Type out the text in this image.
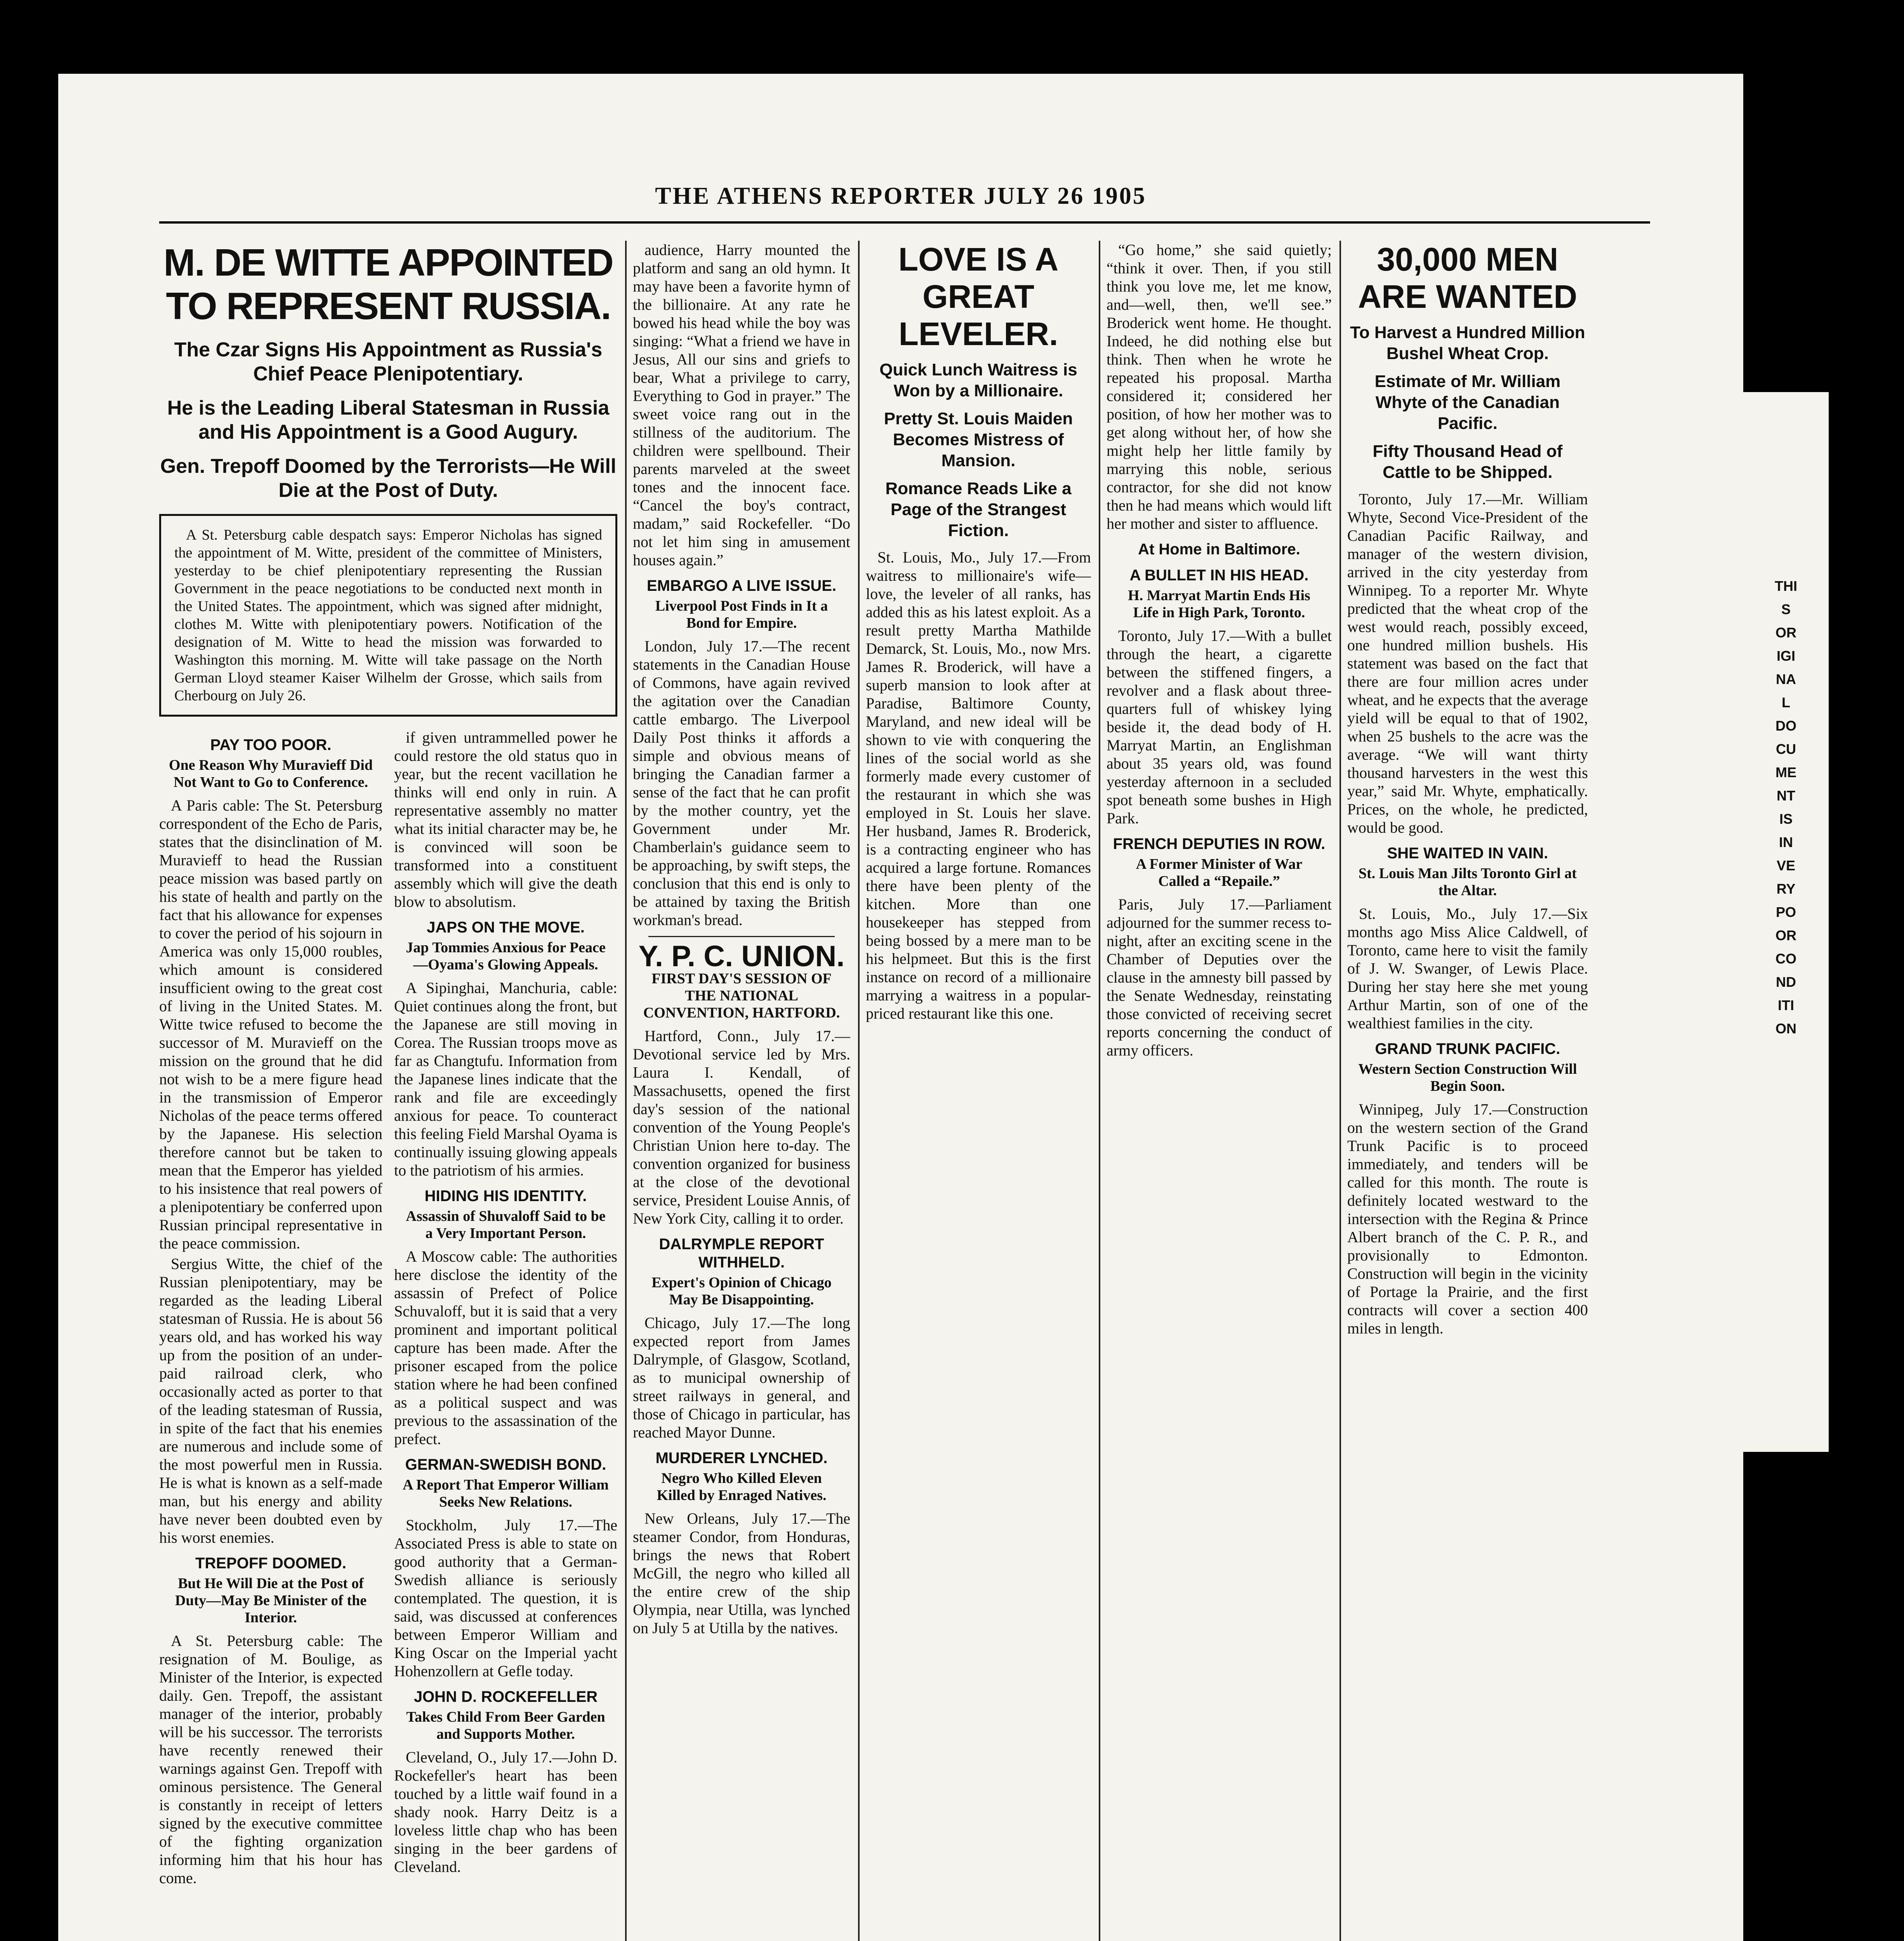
THE ATHENS REPORTER JULY 26 1905
M. DE WITTE APPOINTED TO REPRESENT RUSSIA.
The Czar Signs His Appointment as Russia's Chief Peace Plenipotentiary.
He is the Leading Liberal Statesman in Russia and His Appointment is a Good Augury.
Gen. Trepoff Doomed by the Terrorists—He Will Die at the Post of Duty.

A St. Petersburg cable despatch says: Emperor Nicholas has signed the appointment of M. Witte, president of the committee of Ministers, yesterday to be chief plenipotentiary representing the Russian Government in the peace negotiations to be conducted next month in the United States. The appointment, which was signed after midnight, clothes M. Witte with plenipotentiary powers. Notification of the designation of M. Witte to head the mission was forwarded to Washington this morning. M. Witte will take passage on the North German Lloyd steamer Kaiser Wilhelm der Grosse, which sails from Cherbourg on July 26.

PAY TOO POOR.
One Reason Why Muravieff Did Not Want to Go to Conference.

A Paris cable: The St. Petersburg correspondent of the Echo de Paris, states that the disinclination of M. Muravieff to head the Russian peace mission was based partly on his state of health and partly on the fact that his allowance for expenses to cover the period of his sojourn in America was only 15,000 roubles, which amount is considered insufficient owing to the great cost of living in the United States. M. Witte twice refused to become the successor of M. Muravieff on the mission on the ground that he did not wish to be a mere figure head in the transmission of Emperor Nicholas of the peace terms offered by the Japanese. His selection therefore cannot but be taken to mean that the Emperor has yielded to his insistence that real powers of a plenipotentiary be conferred upon Russian principal representative in the peace commission.

Sergius Witte, the chief of the Russian plenipotentiary, may be regarded as the leading Liberal statesman of Russia. He is about 56 years old, and has worked his way up from the position of an under-paid railroad clerk, who occasionally acted as porter to that of the leading statesman of Russia, in spite of the fact that his enemies are numerous and include some of the most powerful men in Russia. He is what is known as a self-made man, but his energy and ability have never been doubted even by his worst enemies.

TREPOFF DOOMED.
But He Will Die at the Post of Duty—May Be Minister of the Interior.

A St. Petersburg cable: The resignation of M. Boulige, as Minister of the Interior, is expected daily. Gen. Trepoff, the assistant manager of the interior, probably will be his successor. The terrorists have recently renewed their warnings against Gen. Trepoff with ominous persistence. The General is constantly in receipt of letters signed by the executive committee of the fighting organization informing him that his hour has come.

if given untrammelled power he could restore the old status quo in year, but the recent vacillation he thinks will end only in ruin. A representative assembly no matter what its initial character may be, he is convinced will soon be transformed into a constituent assembly which will give the death blow to absolutism.

JAPS ON THE MOVE.
Jap Tommies Anxious for Peace—Oyama's Glowing Appeals.

A Sipinghai, Manchuria, cable: Quiet continues along the front, but the Japanese are still moving in Corea. The Russian troops move as far as Changtufu. Information from the Japanese lines indicate that the rank and file are exceedingly anxious for peace. To counteract this feeling Field Marshal Oyama is continually issuing glowing appeals to the patriotism of his armies.

HIDING HIS IDENTITY.
Assassin of Shuvaloff Said to be a Very Important Person.

A Moscow cable: The authorities here disclose the identity of the assassin of Prefect of Police Schuvaloff, but it is said that a very prominent and important political capture has been made. After the prisoner escaped from the police station where he had been confined as a political suspect and was previous to the assassination of the prefect.

GERMAN-SWEDISH BOND.
A Report That Emperor William Seeks New Relations.

Stockholm, July 17.—The Associated Press is able to state on good authority that a German-Swedish alliance is seriously contemplated. The question, it is said, was discussed at conferences between Emperor William and King Oscar on the Imperial yacht Hohenzollern at Gefle today.

JOHN D. ROCKEFELLER
Takes Child From Beer Garden and Supports Mother.

Cleveland, O., July 17.—John D. Rockefeller's heart has been touched by a little waif found in a shady nook. Harry Deitz is a loveless little chap who has been singing in the beer gardens of Cleveland.

audience, Harry mounted the platform and sang an old hymn. It may have been a favorite hymn of the billionaire. At any rate he bowed his head while the boy was singing: “What a friend we have in Jesus, All our sins and griefs to bear, What a privilege to carry, Everything to God in prayer.” The sweet voice rang out in the stillness of the auditorium. The children were spellbound. Their parents marveled at the sweet tones and the innocent face. “Cancel the boy's contract, madam,” said Rockefeller. “Do not let him sing in amusement houses again.”

EMBARGO A LIVE ISSUE.
Liverpool Post Finds in It a Bond for Empire.

London, July 17.—The recent statements in the Canadian House of Commons, have again revived the agitation over the Canadian cattle embargo. The Liverpool Daily Post thinks it affords a simple and obvious means of bringing the Canadian farmer a sense of the fact that he can profit by the mother country, yet the Government under Mr. Chamberlain's guidance seem to be approaching, by swift steps, the conclusion that this end is only to be attained by taxing the British workman's bread.

Y. P. C. UNION.
FIRST DAY'S SESSION OF THE NATIONAL CONVENTION, HARTFORD.

Hartford, Conn., July 17.—Devotional service led by Mrs. Laura I. Kendall, of Massachusetts, opened the first day's session of the national convention of the Young People's Christian Union here to-day. The convention organized for business at the close of the devotional service, President Louise Annis, of New York City, calling it to order.

DALRYMPLE REPORT WITHHELD.
Expert's Opinion of Chicago May Be Disappointing.

Chicago, July 17.—The long expected report from James Dalrymple, of Glasgow, Scotland, as to municipal ownership of street railways in general, and those of Chicago in particular, has reached Mayor Dunne.

MURDERER LYNCHED.
Negro Who Killed Eleven Killed by Enraged Natives.

New Orleans, July 17.—The steamer Condor, from Honduras, brings the news that Robert McGill, the negro who killed all the entire crew of the ship Olympia, near Utilla, was lynched on July 5 at Utilla by the natives.

LOVE IS A GREAT LEVELER.
Quick Lunch Waitress is Won by a Millionaire.
Pretty St. Louis Maiden Becomes Mistress of Mansion.
Romance Reads Like a Page of the Strangest Fiction.

St. Louis, Mo., July 17.—From waitress to millionaire's wife—love, the leveler of all ranks, has added this as his latest exploit. As a result pretty Martha Mathilde Demarck, St. Louis, Mo., now Mrs. James R. Broderick, will have a superb mansion to look after at Paradise, Baltimore County, Maryland, and new ideal will be shown to vie with conquering the lines of the social world as she formerly made every customer of the restaurant in which she was employed in St. Louis her slave. Her husband, James R. Broderick, is a contracting engineer who has acquired a large fortune. Romances there have been plenty of the kitchen. More than one housekeeper has stepped from being bossed by a mere man to be his helpmeet. But this is the first instance on record of a millionaire marrying a waitress in a popular-priced restaurant like this one.

“Go home,” she said quietly; “think it over. Then, if you still think you love me, let me know, and—well, then, we'll see.” Broderick went home. He thought. Indeed, he did nothing else but think. Then when he wrote he repeated his proposal. Martha considered it; considered her position, of how her mother was to get along without her, of how she might help her little family by marrying this noble, serious contractor, for she did not know then he had means which would lift her mother and sister to affluence.

At Home in Baltimore.
A BULLET IN HIS HEAD.
H. Marryat Martin Ends His Life in High Park, Toronto.

Toronto, July 17.—With a bullet through the heart, a cigarette between the stiffened fingers, a revolver and a flask about three-quarters full of whiskey lying beside it, the dead body of H. Marryat Martin, an Englishman about 35 years old, was found yesterday afternoon in a secluded spot beneath some bushes in High Park.

FRENCH DEPUTIES IN ROW.
A Former Minister of War Called a “Repaile.”

Paris, July 17.—Parliament adjourned for the summer recess to-night, after an exciting scene in the Chamber of Deputies over the clause in the amnesty bill passed by the Senate Wednesday, reinstating those convicted of receiving secret reports concerning the conduct of army officers.

30,000 MEN ARE WANTED
To Harvest a Hundred Million Bushel Wheat Crop.
Estimate of Mr. William Whyte of the Canadian Pacific.
Fifty Thousand Head of Cattle to be Shipped.

Toronto, July 17.—Mr. William Whyte, Second Vice-President of the Canadian Pacific Railway, and manager of the western division, arrived in the city yesterday from Winnipeg. To a reporter Mr. Whyte predicted that the wheat crop of the west would reach, possibly exceed, one hundred million bushels. His statement was based on the fact that there are four million acres under wheat, and he expects that the average yield will be equal to that of 1902, when 25 bushels to the acre was the average. “We will want thirty thousand harvesters in the west this year,” said Mr. Whyte, emphatically. Prices, on the whole, he predicted, would be good.

SHE WAITED IN VAIN.
St. Louis Man Jilts Toronto Girl at the Altar.

St. Louis, Mo., July 17.—Six months ago Miss Alice Caldwell, of Toronto, came here to visit the family of J. W. Swanger, of Lewis Place. During her stay here she met young Arthur Martin, son of one of the wealthiest families in the city.

GRAND TRUNK PACIFIC.
Western Section Construction Will Begin Soon.

Winnipeg, July 17.—Construction on the western section of the Grand Trunk Pacific is to proceed immediately, and tenders will be called for this month. The route is definitely located westward to the intersection with the Regina & Prince Albert branch of the C. P. R., and provisionally to Edmonton. Construction will begin in the vicinity of Portage la Prairie, and the first contracts will cover a section 400 miles in length.

THIS ORIGINAL DOCUMENT IS IN VERY POOR CONDITION
